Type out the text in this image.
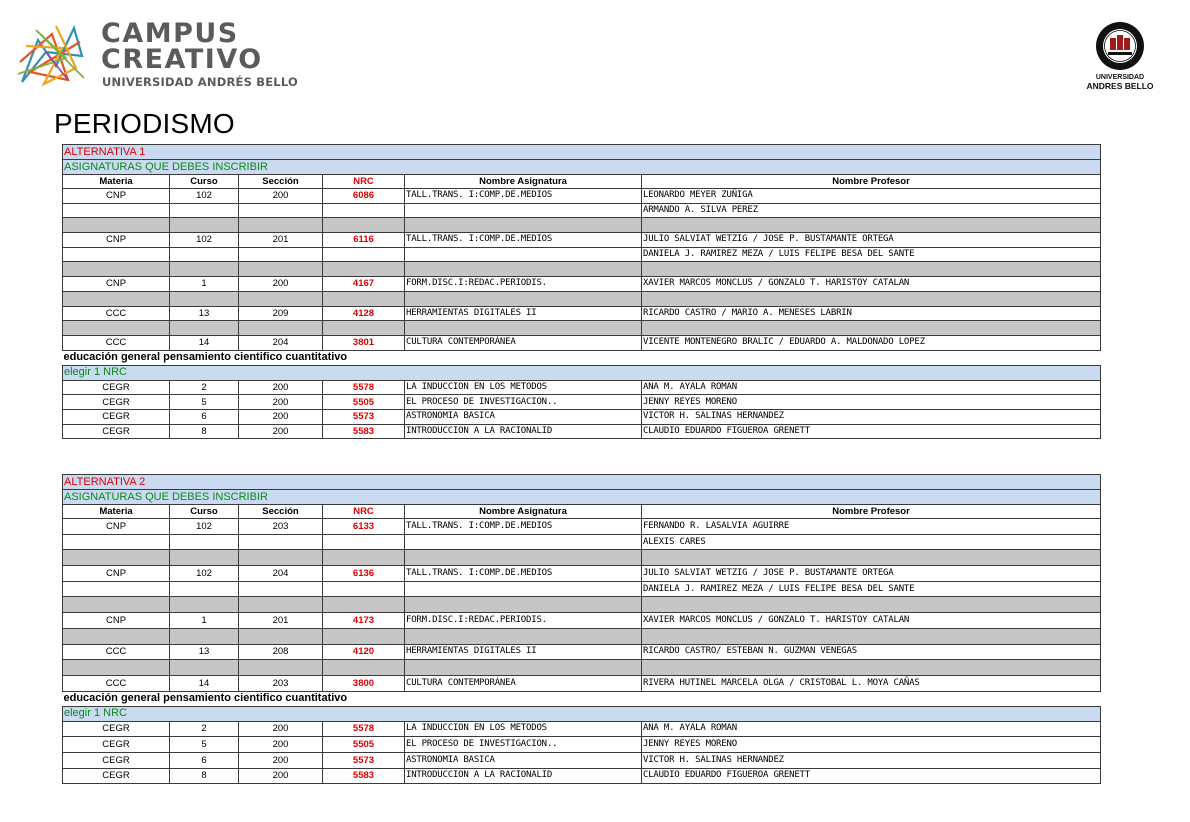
CAMPUS
CREATIVO
UNIVERSIDAD ANDRÉS BELLO	UNIVERSIDAD
ANDRES BELLO
PERIODISMO
ALTERNATIVA 1					
ASIGNATURAS QUE DEBES INSCRIBIR					
Materia	Curso	Sección	NRC	Nombre Asignatura	Nombre Profesor
CNP	102	200	6086	TALL.TRANS. I:COMP.DE.MEDIOS	LEONARDO MEYER ZUÑIGA
					ARMANDO A. SILVA PEREZ

CNP	102	201	6116	TALL.TRANS. I:COMP.DE.MEDIOS	JULIO SALVIAT WETZIG / JOSE P. BUSTAMANTE ORTEGA
					DANIELA J. RAMIREZ MEZA / LUIS FELIPE BESA DEL SANTE

CNP	1	200	4167	FORM.DISC.I:REDAC.PERIODIS.	XAVIER MARCOS MONCLUS / GONZALO T. HARISTOY CATALAN

CCC	13	209	4128	HERRAMIENTAS DIGITALES II	RICARDO CASTRO / MARIO A. MENESES LABRIN

CCC	14	204	3801	CULTURA CONTEMPORÁNEA	VICENTE MONTENEGRO BRALIC / EDUARDO A. MALDONADO LOPEZ
educación general pensamiento cientifico cuantitativo					
elegir 1 NRC					
CEGR	2	200	5578	LA INDUCCION EN LOS METODOS	ANA M. AYALA ROMAN
CEGR	5	200	5505	EL PROCESO DE INVESTIGACION..	JENNY REYES MORENO
CEGR	6	200	5573	ASTRONOMIA BASICA	VICTOR H. SALINAS HERNANDEZ
CEGR	8	200	5583	INTRODUCCION A LA RACIONALID	CLAUDIO EDUARDO FIGUEROA GRENETT
ALTERNATIVA 2					
ASIGNATURAS QUE DEBES INSCRIBIR					
Materia	Curso	Sección	NRC	Nombre Asignatura	Nombre Profesor
CNP	102	203	6133	TALL.TRANS. I:COMP.DE.MEDIOS	FERNANDO R. LASALVIA AGUIRRE
					ALEXIS CARES

CNP	102	204	6136	TALL.TRANS. I:COMP.DE.MEDIOS	JULIO SALVIAT WETZIG / JOSE P. BUSTAMANTE ORTEGA
					DANIELA J. RAMIREZ MEZA / LUIS FELIPE BESA DEL SANTE

CNP	1	201	4173	FORM.DISC.I:REDAC.PERIODIS.	XAVIER MARCOS MONCLUS / GONZALO T. HARISTOY CATALAN

CCC	13	208	4120	HERRAMIENTAS DIGITALES II	RICARDO CASTRO/ ESTEBAN N. GUZMAN VENEGAS

CCC	14	203	3800	CULTURA CONTEMPORÁNEA	RIVERA HUTINEL MARCELA OLGA / CRISTOBAL L. MOYA CAÑAS
educación general pensamiento cientifico cuantitativo					
elegir 1 NRC					
CEGR	2	200	5578	LA INDUCCION EN LOS METODOS	ANA M. AYALA ROMAN
CEGR	5	200	5505	EL PROCESO DE INVESTIGACION..	JENNY REYES MORENO
CEGR	6	200	5573	ASTRONOMIA BASICA	VICTOR H. SALINAS HERNANDEZ
CEGR	8	200	5583	INTRODUCCION A LA RACIONALID	CLAUDIO EDUARDO FIGUEROA GRENETT
